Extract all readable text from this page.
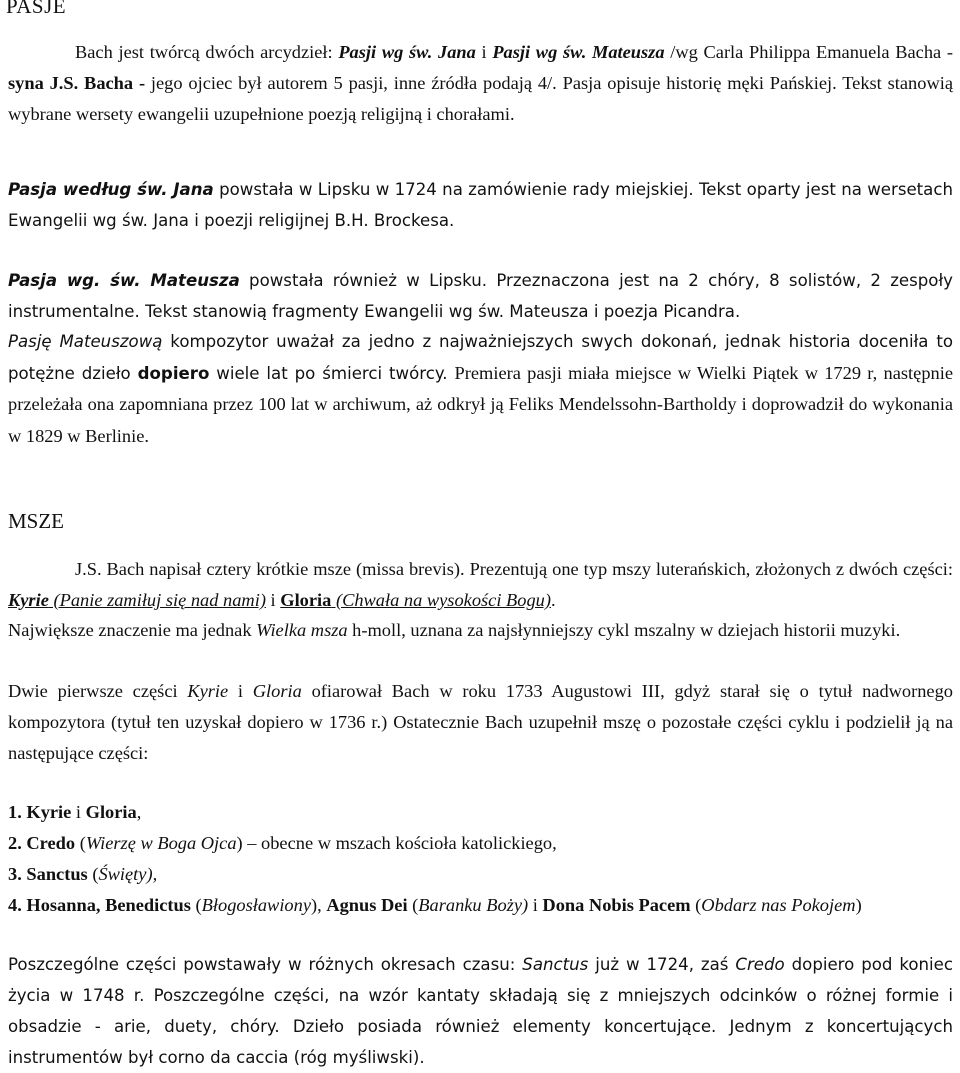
PASJE

Bach jest twórcą dwóch arcydzieł: Pasji wg św. Jana i Pasji wg św. Mateusza /wg Carla Philippa Emanuela Bacha - syna J.S. Bacha - jego ojciec był autorem 5 pasji, inne źródła podają 4/. Pasja opisuje historię męki Pańskiej. Tekst stanowią wybrane wersety ewangelii uzupełnione poezją religijną i chorałami.

Pasja według św. Jana powstała w Lipsku w 1724 na zamówienie rady miejskiej. Tekst oparty jest na wersetach Ewangelii wg św. Jana i poezji religijnej B.H. Brockesa.

Pasja wg. św. Mateusza powstała również w Lipsku. Przeznaczona jest na 2 chóry, 8 solistów, 2 zespoły instrumentalne. Tekst stanowią fragmenty Ewangelii wg św. Mateusza i poezja Picandra.

Pasję Mateuszową kompozytor uważał za jedno z najważniejszych swych dokonań, jednak historia doceniła to potężne dzieło dopiero wiele lat po śmierci twórcy. Premiera pasji miała miejsce w Wielki Piątek w 1729 r, następnie przeleżała ona zapomniana przez 100 lat w archiwum, aż odkrył ją Feliks Mendelssohn-Bartholdy i doprowadził do wykonania w 1829 w Berlinie.

MSZE

J.S. Bach napisał cztery krótkie msze (missa brevis). Prezentują one typ mszy luterańskich, złożonych z dwóch części: Kyrie (Panie zamiłuj się nad nami) i Gloria (Chwała na wysokości Bogu).

Największe znaczenie ma jednak Wielka msza h-moll, uznana za najsłynniejszy cykl mszalny w dziejach historii muzyki.

Dwie pierwsze części Kyrie i Gloria ofiarował Bach w roku 1733 Augustowi III, gdyż starał się o tytuł nadwornego kompozytora (tytuł ten uzyskał dopiero w 1736 r.) Ostatecznie Bach uzupełnił mszę o pozostałe części cyklu i podzielił ją na następujące części:

1. Kyrie i Gloria,
2. Credo (Wierzę w Boga Ojca) – obecne w mszach kościoła katolickiego,
3. Sanctus (Święty),
4. Hosanna, Benedictus (Błogosławiony), Agnus Dei (Baranku Boży) i Dona Nobis Pacem (Obdarz nas Pokojem)

Poszczególne części powstawały w różnych okresach czasu: Sanctus już w 1724, zaś Credo dopiero pod koniec życia w 1748 r. Poszczególne części, na wzór kantaty składają się z mniejszych odcinków o różnej formie i obsadzie - arie, duety, chóry. Dzieło posiada również elementy koncertujące. Jednym z koncertujących instrumentów był corno da caccia (róg myśliwski).
